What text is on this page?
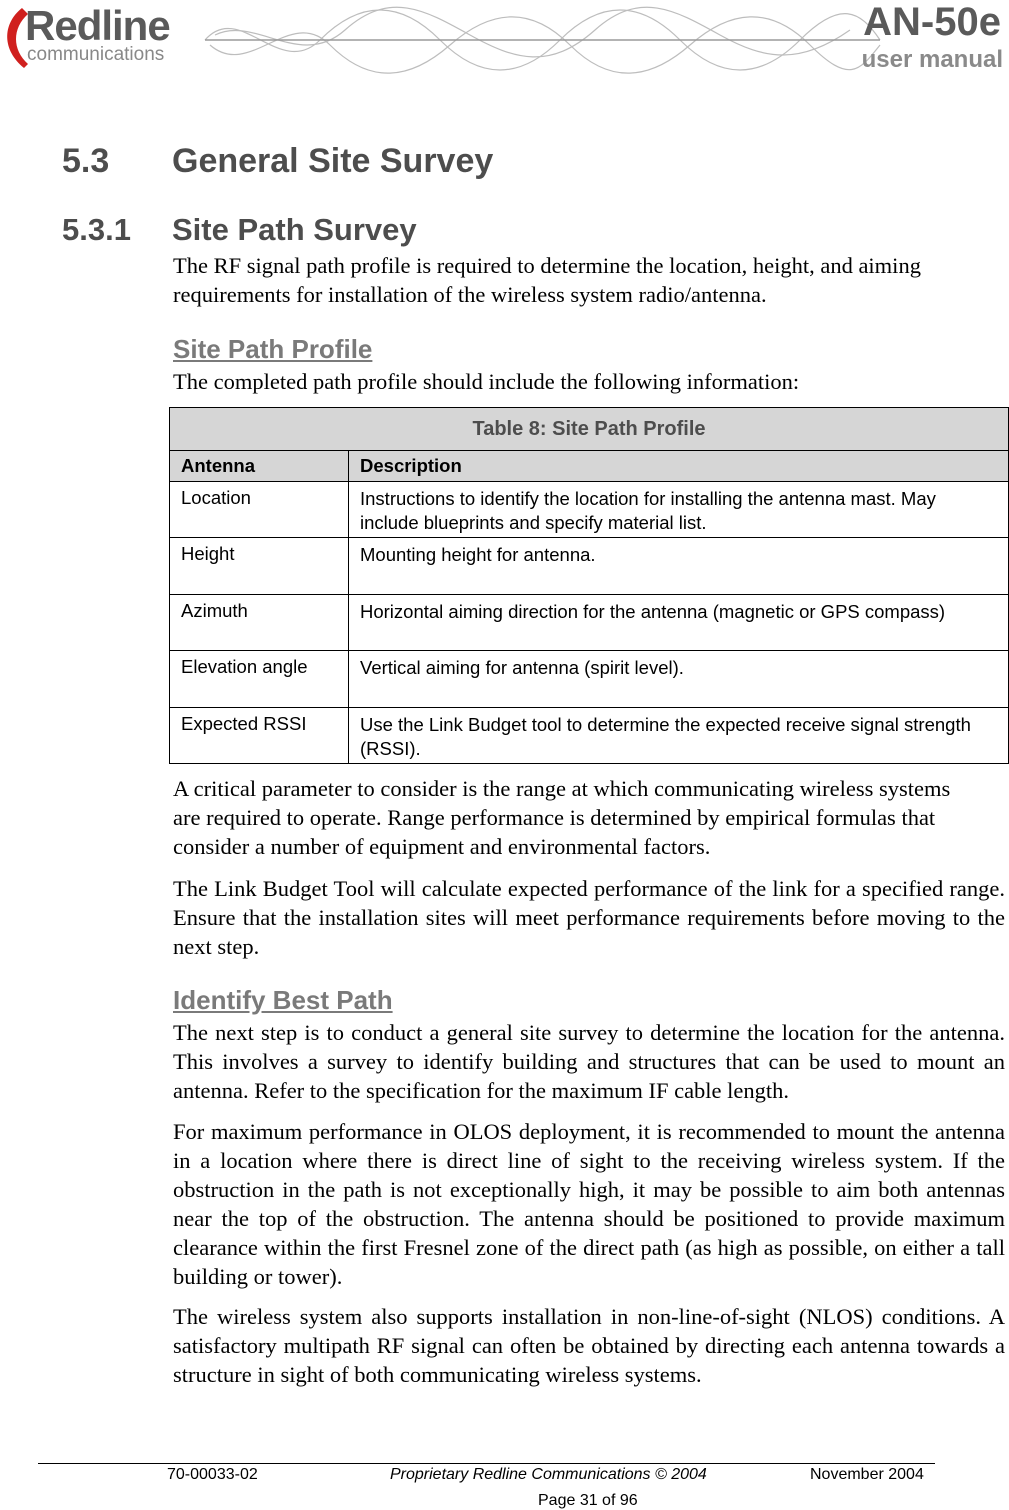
Redline
communications
AN-50e
user manual
5.3 General Site Survey
5.3.1 Site Path Survey

The RF signal path profile is required to determine the location, height, and aiming requirements for installation of the wireless system radio/antenna.

Site Path Profile

The completed path profile should include the following information:

Table 8: Site Path Profile	
Antenna	Description
Location	Instructions to identify the location for installing the antenna mast. May include blueprints and specify material list.
Height	Mounting height for antenna.
Azimuth	Horizontal aiming direction for the antenna (magnetic or GPS compass)
Elevation angle	Vertical aiming for antenna (spirit level).
Expected RSSI	Use the Link Budget tool to determine the expected receive signal strength (RSSI).

A critical parameter to consider is the range at which communicating wireless systems are required to operate. Range performance is determined by empirical formulas that consider a number of equipment and environmental factors.

The Link Budget Tool will calculate expected performance of the link for a specified range. Ensure that the installation sites will meet performance requirements before moving to the next step.

Identify Best Path

The next step is to conduct a general site survey to determine the location for the antenna. This involves a survey to identify building and structures that can be used to mount an antenna. Refer to the specification for the maximum IF cable length.

For maximum performance in OLOS deployment, it is recommended to mount the antenna in a location where there is direct line of sight to the receiving wireless system. If the obstruction in the path is not exceptionally high, it may be possible to aim both antennas near the top of the obstruction. The antenna should be positioned to provide maximum clearance within the first Fresnel zone of the direct path (as high as possible, on either a tall building or tower).

The wireless system also supports installation in non-line-of-sight (NLOS) conditions. A satisfactory multipath RF signal can often be obtained by directing each antenna towards a structure in sight of both communicating wireless systems.

70-00033-02	Proprietary Redline Communications © 2004	November 2004
Page 31 of 96
